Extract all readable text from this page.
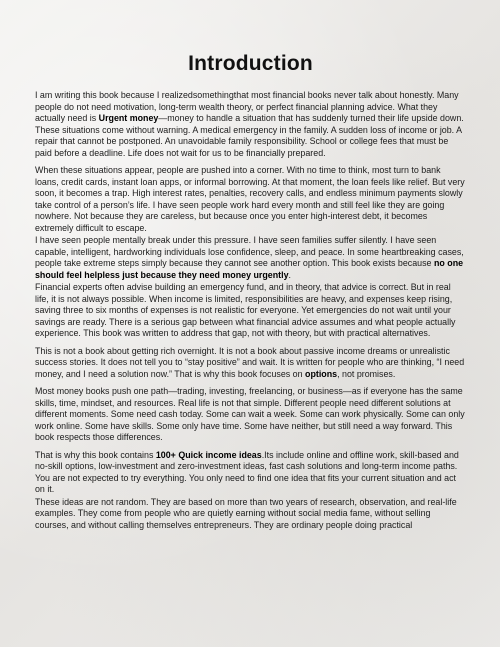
Introduction

I am writing this book because I realizedsomethingthat most financial books never talk about honestly. Many people do not need motivation, long-term wealth theory, or perfect financial planning advice. What they actually need is Urgent money—money to handle a situation that has suddenly turned their life upside down. These situations come without warning. A medical emergency in the family. A sudden loss of income or job. A repair that cannot be postponed. An unavoidable family responsibility. School or college fees that must be paid before a deadline. Life does not wait for us to be financially prepared.

When these situations appear, people are pushed into a corner. With no time to think, most turn to bank loans, credit cards, instant loan apps, or informal borrowing. At that moment, the loan feels like relief. But very soon, it becomes a trap. High interest rates, penalties, recovery calls, and endless minimum payments slowly take control of a person’s life. I have seen people work hard every month and still feel like they are going nowhere. Not because they are careless, but because once you enter high-interest debt, it becomes extremely difficult to escape.

I have seen people mentally break under this pressure. I have seen families suffer silently. I have seen capable, intelligent, hardworking individuals lose confidence, sleep, and peace. In some heartbreaking cases, people take extreme steps simply because they cannot see another option. This book exists because no one should feel helpless just because they need money urgently.

Financial experts often advise building an emergency fund, and in theory, that advice is correct. But in real life, it is not always possible. When income is limited, responsibilities are heavy, and expenses keep rising, saving three to six months of expenses is not realistic for everyone. Yet emergencies do not wait until your savings are ready. There is a serious gap between what financial advice assumes and what people actually experience. This book was written to address that gap, not with theory, but with practical alternatives.

This is not a book about getting rich overnight. It is not a book about passive income dreams or unrealistic success stories. It does not tell you to “stay positive” and wait. It is written for people who are thinking, “I need money, and I need a solution now.” That is why this book focuses on options, not promises.

Most money books push one path—trading, investing, freelancing, or business—as if everyone has the same skills, time, mindset, and resources. Real life is not that simple. Different people need different solutions at different moments. Some need cash today. Some can wait a week. Some can work physically. Some can only work online. Some have skills. Some only have time. Some have neither, but still need a way forward. This book respects those differences.

That is why this book contains 100+ Quick income ideas.Its include online and offline work, skill-based and no-skill options, low-investment and zero-investment ideas, fast cash solutions and long-term income paths. You are not expected to try everything. You only need to find one idea that fits your current situation and act on it.

These ideas are not random. They are based on more than two years of research, observation, and real-life examples. They come from people who are quietly earning without social media fame, without selling courses, and without calling themselves entrepreneurs. They are ordinary people doing practical
